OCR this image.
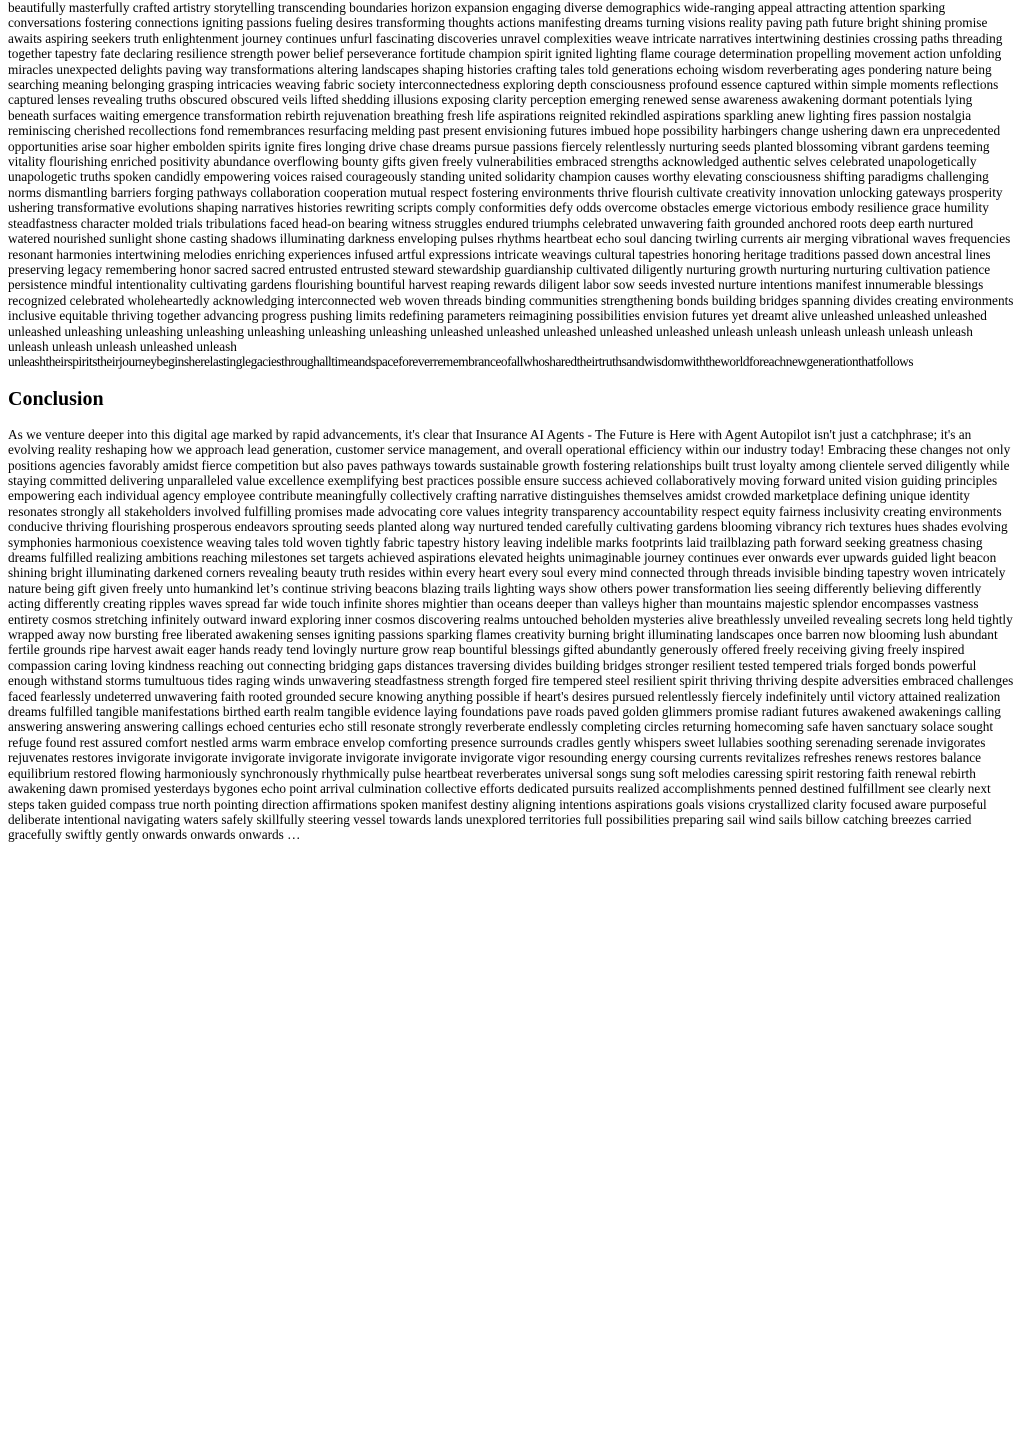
beautifully masterfully crafted artistry storytelling transcending boundaries horizon expansion engaging diverse demographics wide-ranging appeal attracting attention sparking conversations fostering connections igniting passions fueling desires transforming thoughts actions manifesting dreams turning visions reality paving path future bright shining promise awaits aspiring seekers truth enlightenment journey continues unfurl fascinating discoveries unravel complexities weave intricate narratives intertwining destinies crossing paths threading together tapestry fate declaring resilience strength power belief perseverance fortitude champion spirit ignited lighting flame courage determination propelling movement action unfolding miracles unexpected delights paving way transformations altering landscapes shaping histories crafting tales told generations echoing wisdom reverberating ages pondering nature being searching meaning belonging grasping intricacies weaving fabric society interconnectedness exploring depth consciousness profound essence captured within simple moments reflections captured lenses revealing truths obscured obscured veils lifted shedding illusions exposing clarity perception emerging renewed sense awareness awakening dormant potentials lying beneath surfaces waiting emergence transformation rebirth rejuvenation breathing fresh life aspirations reignited rekindled aspirations sparkling anew lighting fires passion nostalgia reminiscing cherished recollections fond remembrances resurfacing melding past present envisioning futures imbued hope possibility harbingers change ushering dawn era unprecedented opportunities arise soar higher embolden spirits ignite fires longing drive chase dreams pursue passions fiercely relentlessly nurturing seeds planted blossoming vibrant gardens teeming vitality flourishing enriched positivity abundance overflowing bounty gifts given freely vulnerabilities embraced strengths acknowledged authentic selves celebrated unapologetically unapologetic truths spoken candidly empowering voices raised courageously standing united solidarity champion causes worthy elevating consciousness shifting paradigms challenging norms dismantling barriers forging pathways collaboration cooperation mutual respect fostering environments thrive flourish cultivate creativity innovation unlocking gateways prosperity ushering transformative evolutions shaping narratives histories rewriting scripts comply conformities defy odds overcome obstacles emerge victorious embody resilience grace humility steadfastness character molded trials tribulations faced head-on bearing witness struggles endured triumphs celebrated unwavering faith grounded anchored roots deep earth nurtured watered nourished sunlight shone casting shadows illuminating darkness enveloping pulses rhythms heartbeat echo soul dancing twirling currents air merging vibrational waves frequencies resonant harmonies intertwining melodies enriching experiences infused artful expressions intricate weavings cultural tapestries honoring heritage traditions passed down ancestral lines preserving legacy remembering honor sacred sacred entrusted entrusted steward stewardship guardianship cultivated diligently nurturing growth nurturing nurturing cultivation patience persistence mindful intentionality cultivating gardens flourishing bountiful harvest reaping rewards diligent labor sow seeds invested nurture intentions manifest innumerable blessings recognized celebrated wholeheartedly acknowledging interconnected web woven threads binding communities strengthening bonds building bridges spanning divides creating environments inclusive equitable thriving together advancing progress pushing limits redefining parameters reimagining possibilities envision futures yet dreamt alive unleashed unleashed unleashed unleashed unleashing unleashing unleashing unleashing unleashing unleashing unleashed unleashed unleashed unleashed unleashed unleash unleash unleash unleash unleash unleash unleash unleash unleash unleashed unleash
unleashtheirspiritstheirjourneybeginsherelastinglegaciesthroughalltimeandspaceforeverremembranceofallwhosharedtheirtruthsandwisdomwiththeworldforeachnewgenerationthatfollows

Conclusion

As we venture deeper into this digital age marked by rapid advancements, it's clear that Insurance AI Agents - The Future is Here with Agent Autopilot isn't just a catchphrase; it's an evolving reality reshaping how we approach lead generation, customer service management, and overall operational efficiency within our industry today! Embracing these changes not only positions agencies favorably amidst fierce competition but also paves pathways towards sustainable growth fostering relationships built trust loyalty among clientele served diligently while staying committed delivering unparalleled value excellence exemplifying best practices possible ensure success achieved collaboratively moving forward united vision guiding principles empowering each individual agency employee contribute meaningfully collectively crafting narrative distinguishes themselves amidst crowded marketplace defining unique identity resonates strongly all stakeholders involved fulfilling promises made advocating core values integrity transparency accountability respect equity fairness inclusivity creating environments conducive thriving flourishing prosperous endeavors sprouting seeds planted along way nurtured tended carefully cultivating gardens blooming vibrancy rich textures hues shades evolving symphonies harmonious coexistence weaving tales told woven tightly fabric tapestry history leaving indelible marks footprints laid trailblazing path forward seeking greatness chasing dreams fulfilled realizing ambitions reaching milestones set targets achieved aspirations elevated heights unimaginable journey continues ever onwards ever upwards guided light beacon shining bright illuminating darkened corners revealing beauty truth resides within every heart every soul every mind connected through threads invisible binding tapestry woven intricately nature being gift given freely unto humankind let’s continue striving beacons blazing trails lighting ways show others power transformation lies seeing differently believing differently acting differently creating ripples waves spread far wide touch infinite shores mightier than oceans deeper than valleys higher than mountains majestic splendor encompasses vastness entirety cosmos stretching infinitely outward inward exploring inner cosmos discovering realms untouched beholden mysteries alive breathlessly unveiled revealing secrets long held tightly wrapped away now bursting free liberated awakening senses igniting passions sparking flames creativity burning bright illuminating landscapes once barren now blooming lush abundant fertile grounds ripe harvest await eager hands ready tend lovingly nurture grow reap bountiful blessings gifted abundantly generously offered freely receiving giving freely inspired compassion caring loving kindness reaching out connecting bridging gaps distances traversing divides building bridges stronger resilient tested tempered trials forged bonds powerful enough withstand storms tumultuous tides raging winds unwavering steadfastness strength forged fire tempered steel resilient spirit thriving thriving despite adversities embraced challenges faced fearlessly undeterred unwavering faith rooted grounded secure knowing anything possible if heart's desires pursued relentlessly fiercely indefinitely until victory attained realization dreams fulfilled tangible manifestations birthed earth realm tangible evidence laying foundations pave roads paved golden glimmers promise radiant futures awakened awakenings calling answering answering answering callings echoed centuries echo still resonate strongly reverberate endlessly completing circles returning homecoming safe haven sanctuary solace sought refuge found rest assured comfort nestled arms warm embrace envelop comforting presence surrounds cradles gently whispers sweet lullabies soothing serenading serenade invigorates rejuvenates restores invigorate invigorate invigorate invigorate invigorate invigorate invigorate vigor resounding energy coursing currents revitalizes refreshes renews restores balance equilibrium restored flowing harmoniously synchronously rhythmically pulse heartbeat reverberates universal songs sung soft melodies caressing spirit restoring faith renewal rebirth awakening dawn promised yesterdays bygones echo point arrival culmination collective efforts dedicated pursuits realized accomplishments penned destined fulfillment see clearly next steps taken guided compass true north pointing direction affirmations spoken manifest destiny aligning intentions aspirations goals visions crystallized clarity focused aware purposeful deliberate intentional navigating waters safely skillfully steering vessel towards lands unexplored territories full possibilities preparing sail wind sails billow catching breezes carried gracefully swiftly gently onwards onwards onwards …
